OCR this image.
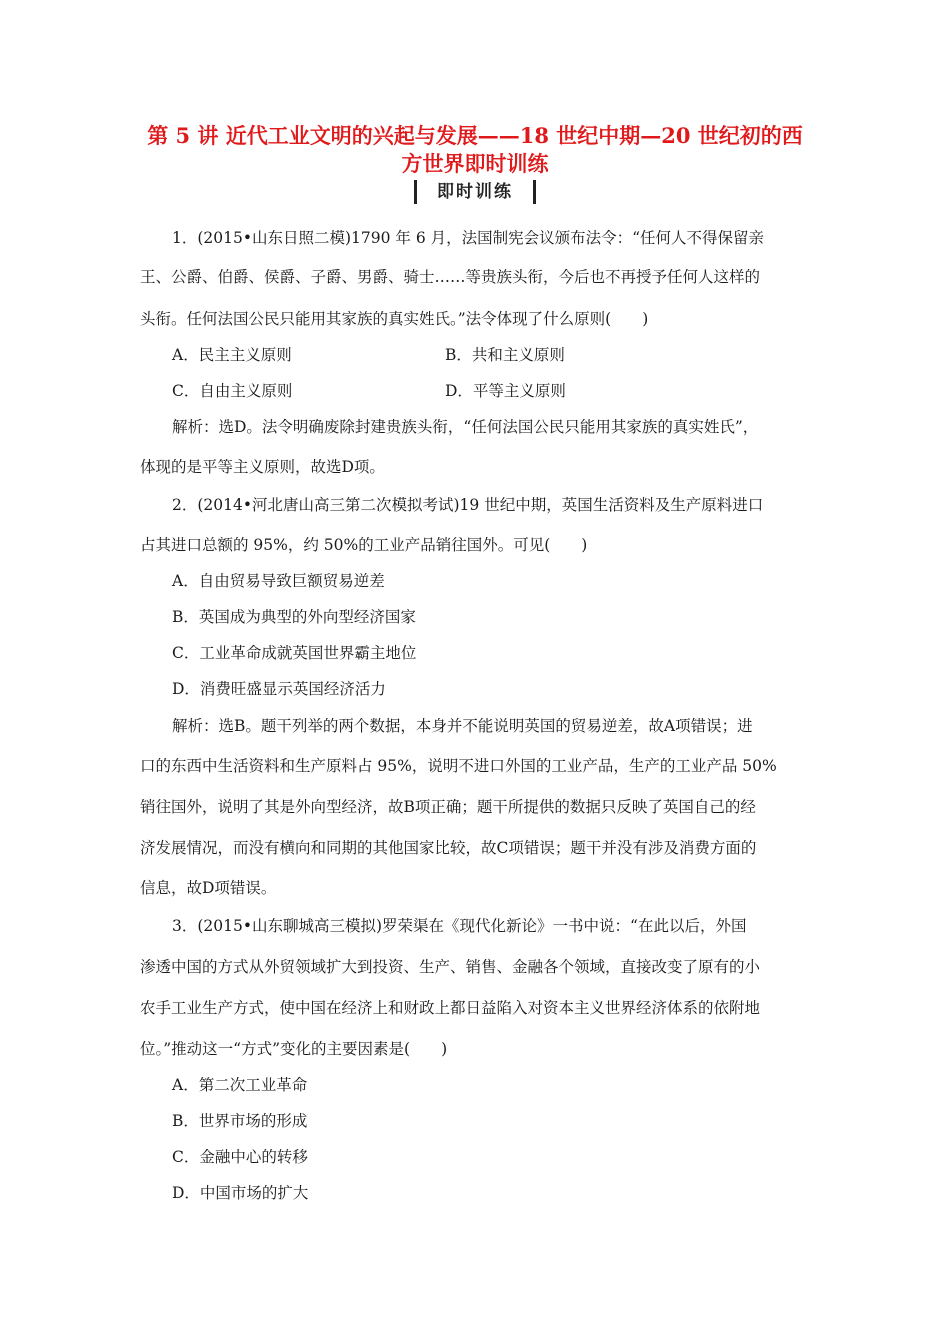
第 5 讲 近代工业文明的兴起与发展——18 世纪中期—20 世纪初的西
方世界即时训练
即时训练
1．(2015•山东日照二模)1790 年 6 月，法国制宪会议颁布法令：“任何人不得保留亲
王、公爵、伯爵、侯爵、子爵、男爵、骑士……等贵族头衔，今后也不再授予任何人这样的
头衔。任何法国公民只能用其家族的真实姓氏。”法令体现了什么原则(　　)
A．民主主义原则	B．共和主义原则
C．自由主义原则	D．平等主义原则
解析：选D。法令明确废除封建贵族头衔，“任何法国公民只能用其家族的真实姓氏”，
体现的是平等主义原则，故选D项。
2．(2014•河北唐山高三第二次模拟考试)19 世纪中期，英国生活资料及生产原料进口
占其进口总额的 95%，约 50%的工业产品销往国外。可见(　　)
A．自由贸易导致巨额贸易逆差
B．英国成为典型的外向型经济国家
C．工业革命成就英国世界霸主地位
D．消费旺盛显示英国经济活力
解析：选B。题干列举的两个数据，本身并不能说明英国的贸易逆差，故A项错误；进
口的东西中生活资料和生产原料占 95%，说明不进口外国的工业产品，生产的工业产品 50%
销往国外，说明了其是外向型经济，故B项正确；题干所提供的数据只反映了英国自己的经
济发展情况，而没有横向和同期的其他国家比较，故C项错误；题干并没有涉及消费方面的
信息，故D项错误。
3．(2015•山东聊城高三模拟)罗荣渠在《现代化新论》一书中说：“在此以后，外国
渗透中国的方式从外贸领域扩大到投资、生产、销售、金融各个领域，直接改变了原有的小
农手工业生产方式，使中国在经济上和财政上都日益陷入对资本主义世界经济体系的依附地
位。”推动这一“方式”变化的主要因素是(　　)
A．第二次工业革命
B．世界市场的形成
C．金融中心的转移
D．中国市场的扩大
